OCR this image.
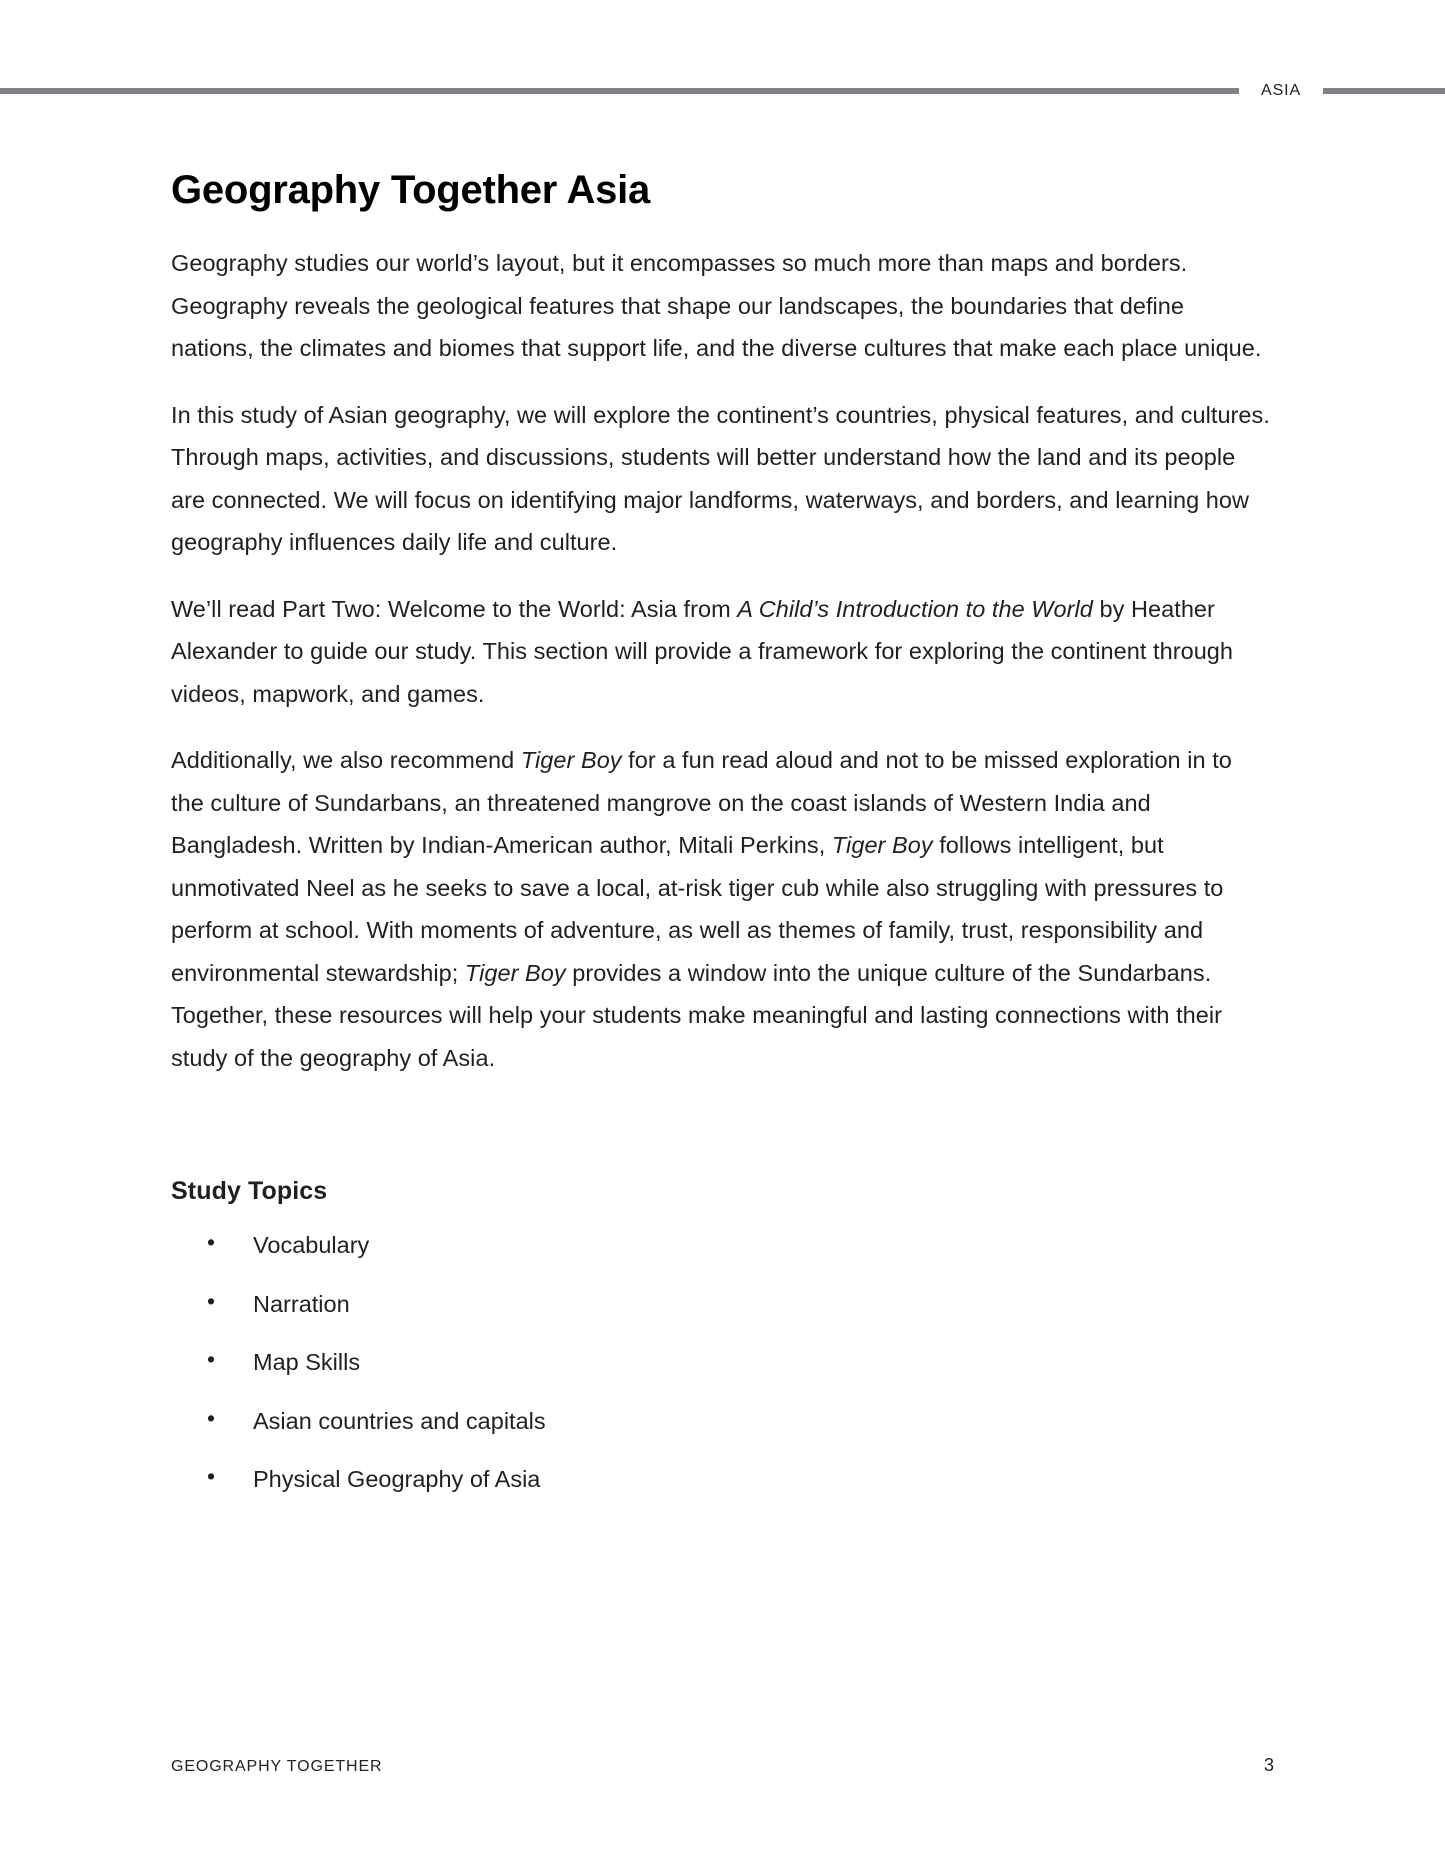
ASIA
Geography Together Asia

Geography studies our world’s layout, but it encompasses so much more than maps and borders. Geography reveals the geological features that shape our landscapes, the boundaries that define nations, the climates and biomes that support life, and the diverse cultures that make each place unique.

In this study of Asian geography, we will explore the continent’s countries, physical features, and cultures. Through maps, activities, and discussions, students will better understand how the land and its people are connected. We will focus on identifying major landforms, waterways, and borders, and learning how geography influences daily life and culture.

We’ll read Part Two: Welcome to the World: Asia from A Child’s Introduction to the World by Heather Alexander to guide our study. This section will provide a framework for exploring the continent through videos, mapwork, and games.

Additionally, we also recommend Tiger Boy for a fun read aloud and not to be missed exploration in to the culture of Sundarbans, an threatened mangrove on the coast islands of Western India and Bangladesh. Written by Indian-American author, Mitali Perkins, Tiger Boy follows intelligent, but unmotivated Neel as he seeks to save a local, at-risk tiger cub while also struggling with pressures to perform at school. With moments of adventure, as well as themes of family, trust, responsibility and environmental stewardship; Tiger Boy provides a window into the unique culture of the Sundarbans. Together, these resources will help your students make meaningful and lasting connections with their study of the geography of Asia.

Study Topics
• Vocabulary
• Narration
• Map Skills
• Asian countries and capitals
• Physical Geography of Asia
GEOGRAPHY TOGETHER	3
